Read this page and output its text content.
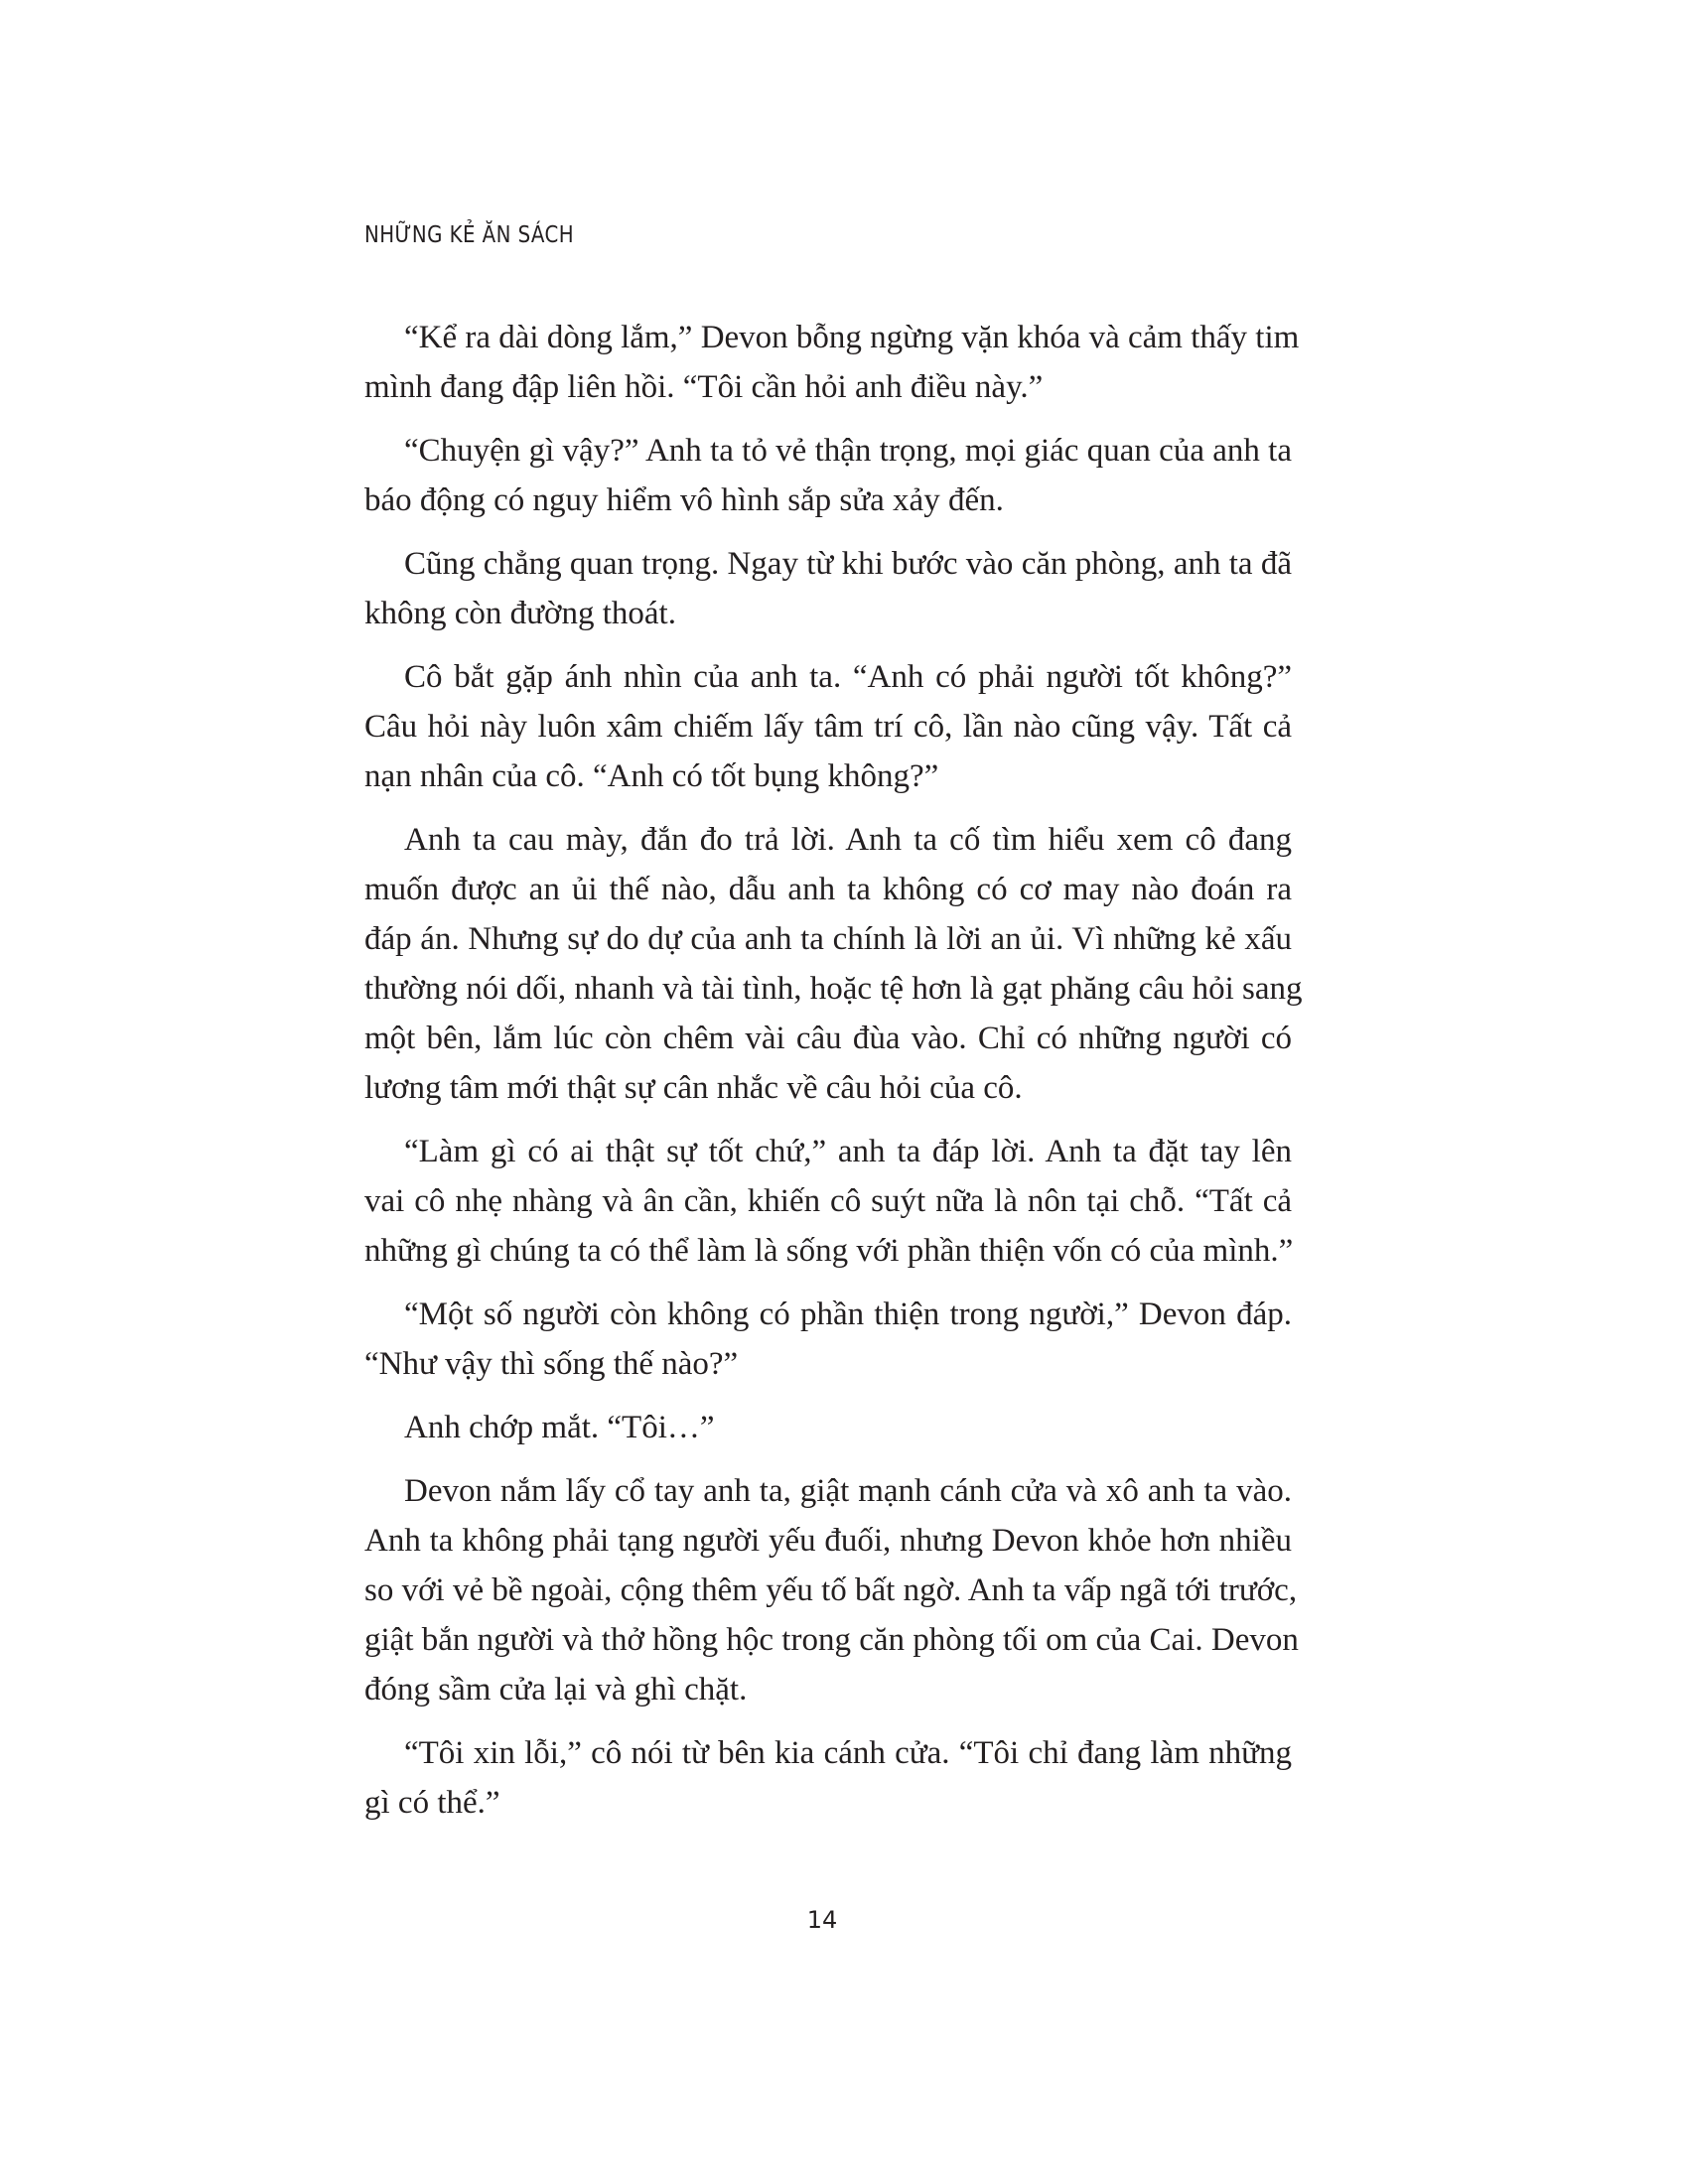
NHỮNG KẺ ĂN SÁCH
“Kể ra dài dòng lắm,” Devon bỗng ngừng vặn khóa và cảm thấy tim
mình đang đập liên hồi. “Tôi cần hỏi anh điều này.”
“Chuyện gì vậy?” Anh ta tỏ vẻ thận trọng, mọi giác quan của anh ta
báo động có nguy hiểm vô hình sắp sửa xảy đến.
Cũng chẳng quan trọng. Ngay từ khi bước vào căn phòng, anh ta đã
không còn đường thoát.
Cô bắt gặp ánh nhìn của anh ta. “Anh có phải người tốt không?”
Câu hỏi này luôn xâm chiếm lấy tâm trí cô, lần nào cũng vậy. Tất cả
nạn nhân của cô. “Anh có tốt bụng không?”
Anh ta cau mày, đắn đo trả lời. Anh ta cố tìm hiểu xem cô đang
muốn được an ủi thế nào, dẫu anh ta không có cơ may nào đoán ra
đáp án. Nhưng sự do dự của anh ta chính là lời an ủi. Vì những kẻ xấu
thường nói dối, nhanh và tài tình, hoặc tệ hơn là gạt phăng câu hỏi sang
một bên, lắm lúc còn chêm vài câu đùa vào. Chỉ có những người có
lương tâm mới thật sự cân nhắc về câu hỏi của cô.
“Làm gì có ai thật sự tốt chứ,” anh ta đáp lời. Anh ta đặt tay lên
vai cô nhẹ nhàng và ân cần, khiến cô suýt nữa là nôn tại chỗ. “Tất cả
những gì chúng ta có thể làm là sống với phần thiện vốn có của mình.”
“Một số người còn không có phần thiện trong người,” Devon đáp.
“Như vậy thì sống thế nào?”
Anh chớp mắt. “Tôi…”
Devon nắm lấy cổ tay anh ta, giật mạnh cánh cửa và xô anh ta vào.
Anh ta không phải tạng người yếu đuối, nhưng Devon khỏe hơn nhiều
so với vẻ bề ngoài, cộng thêm yếu tố bất ngờ. Anh ta vấp ngã tới trước,
giật bắn người và thở hồng hộc trong căn phòng tối om của Cai. Devon
đóng sầm cửa lại và ghì chặt.
“Tôi xin lỗi,” cô nói từ bên kia cánh cửa. “Tôi chỉ đang làm những
gì có thể.”
14
